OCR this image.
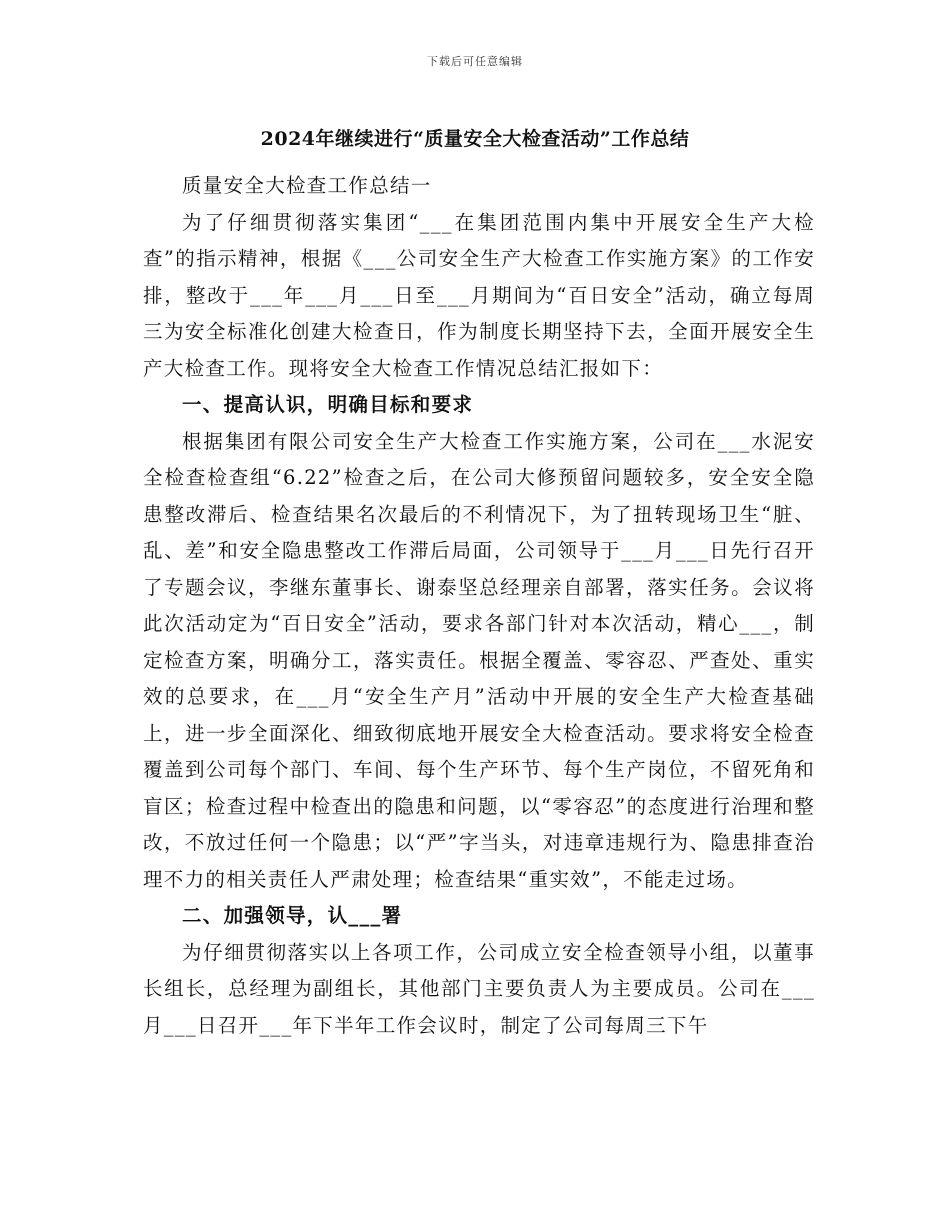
下载后可任意编辑
2024年继续进行“质量安全大检查活动”工作总结

质量安全大检查工作总结一

为了仔细贯彻落实集团“___在集团范围内集中开展安全生产大检查”的指示精神，根据《___公司安全生产大检查工作实施方案》的工作安排，整改于___年___月___日至___月期间为“百日安全”活动，确立每周三为安全标准化创建大检查日，作为制度长期坚持下去，全面开展安全生产大检查工作。现将安全大检查工作情况总结汇报如下：

一、提高认识，明确目标和要求

根据集团有限公司安全生产大检查工作实施方案，公司在___水泥安全检查检查组“6.22”检查之后，在公司大修预留问题较多，安全安全隐患整改滞后、检查结果名次最后的不利情况下，为了扭转现场卫生“脏、乱、差”和安全隐患整改工作滞后局面，公司领导于___月___日先行召开了专题会议，李继东董事长、谢泰坚总经理亲自部署，落实任务。会议将此次活动定为“百日安全”活动，要求各部门针对本次活动，精心___，制定检查方案，明确分工，落实责任。根据全覆盖、零容忍、严查处、重实效的总要求，在___月“安全生产月”活动中开展的安全生产大检查基础上，进一步全面深化、细致彻底地开展安全大检查活动。要求将安全检查覆盖到公司每个部门、车间、每个生产环节、每个生产岗位，不留死角和盲区；检查过程中检查出的隐患和问题，以“零容忍”的态度进行治理和整改，不放过任何一个隐患；以“严”字当头，对违章违规行为、隐患排查治理不力的相关责任人严肃处理；检查结果“重实效”，不能走过场。

二、加强领导，认___署

为仔细贯彻落实以上各项工作，公司成立安全检查领导小组，以董事长组长，总经理为副组长，其他部门主要负责人为主要成员。公司在___月___日召开___年下半年工作会议时，制定了公司每周三下午
